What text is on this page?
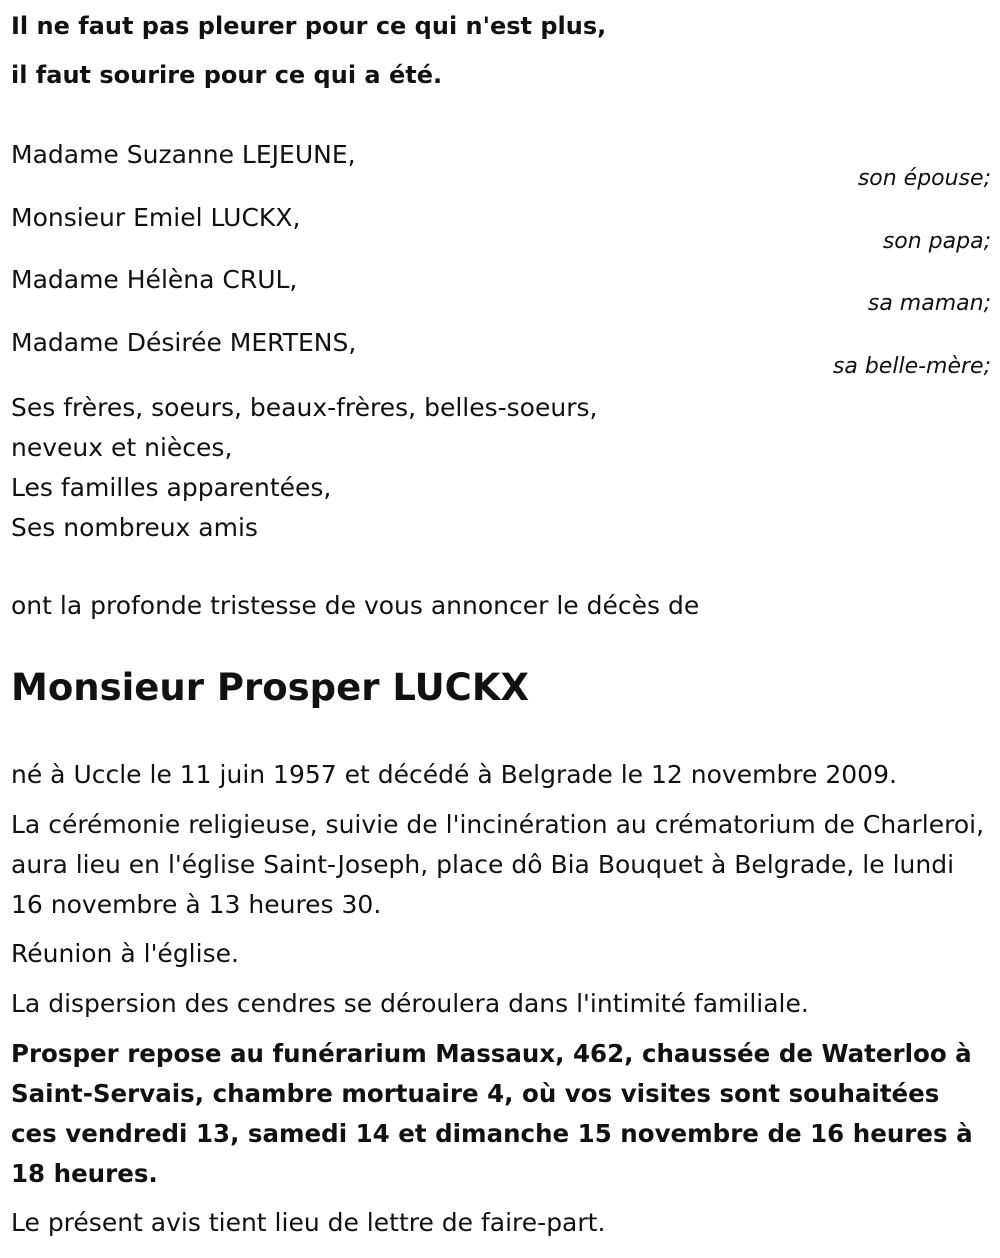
Il ne faut pas pleurer pour ce qui n'est plus,
il faut sourire pour ce qui a été.
Madame Suzanne LEJEUNE,
son épouse;
Monsieur Emiel LUCKX,
son papa;
Madame Hélèna CRUL,
sa maman;
Madame Désirée MERTENS,
sa belle-mère;
Ses frères, soeurs, beaux-frères, belles-soeurs,
neveux et nièces,
Les familles apparentées,
Ses nombreux amis
ont la profonde tristesse de vous annoncer le décès de
Monsieur Prosper LUCKX
né à Uccle le 11 juin 1957 et décédé à Belgrade le 12 novembre 2009.
La cérémonie religieuse, suivie de l'incinération au crématorium de Charleroi, aura lieu en l'église Saint-Joseph, place dô Bia Bouquet à Belgrade, le lundi 16 novembre à 13 heures 30.
Réunion à l'église.
La dispersion des cendres se déroulera dans l'intimité familiale.
Prosper repose au funérarium Massaux, 462, chaussée de Waterloo à Saint-Servais, chambre mortuaire 4, où vos visites sont souhaitées ces vendredi 13, samedi 14 et dimanche 15 novembre de 16 heures à 18 heures.
Le présent avis tient lieu de lettre de faire-part.
